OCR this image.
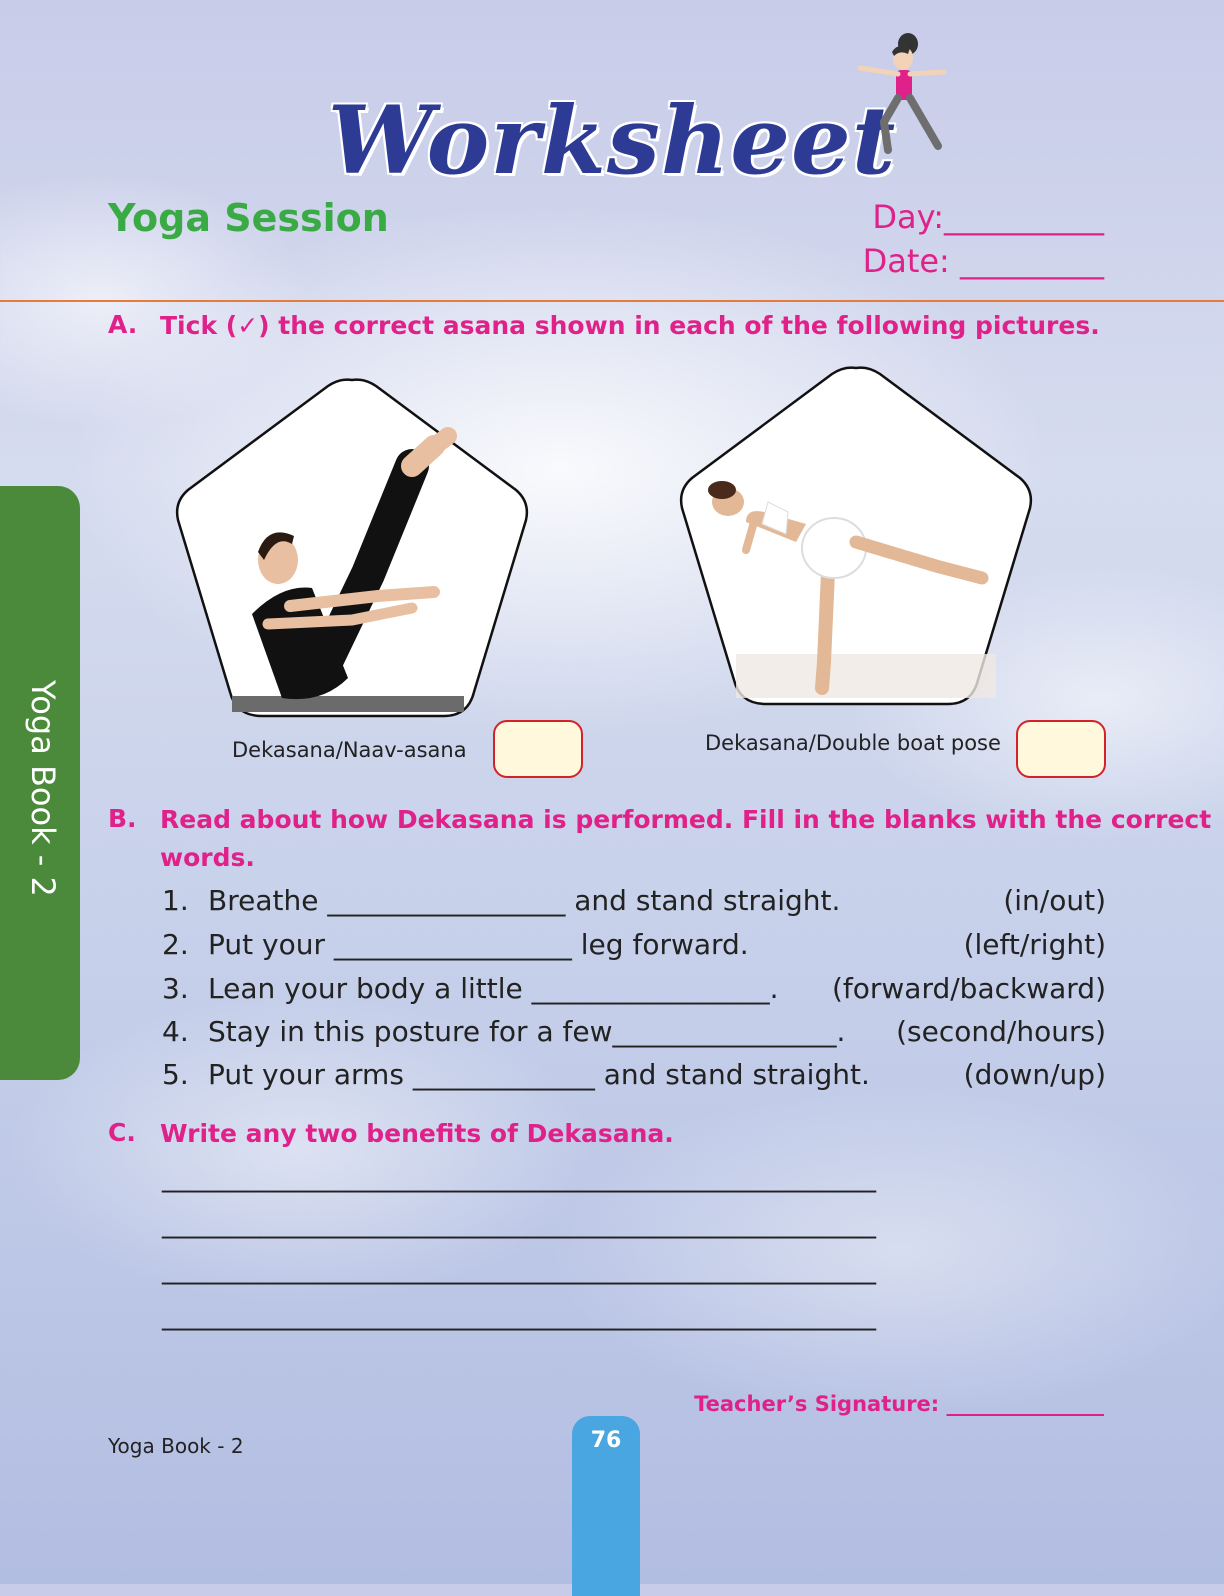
Worksheet
Yoga Session	Day:__________
Date: _________
A. Tick (✓) the correct asana shown in each of the following pictures.
Dekasana/Naav-asana	Dekasana/Double boat pose
Yoga Book - 2 B. Read about how Dekasana is performed. Fill in the blanks with the correct
words.
1. Breathe _________________ and stand straight.	(in/out)
2. Put your _________________ leg forward.	(left/right)
3. Lean your body a little _________________. (forward/backward)
4. Stay in this posture for a few________________. (second/hours)
5. Put your arms _____________ and stand straight.	(down/up)
C. Write any two benefits of Dekasana.
___________________________________________________
___________________________________________________
___________________________________________________
___________________________________________________
Teacher’s Signature: _______________
Yoga Book - 2	76
